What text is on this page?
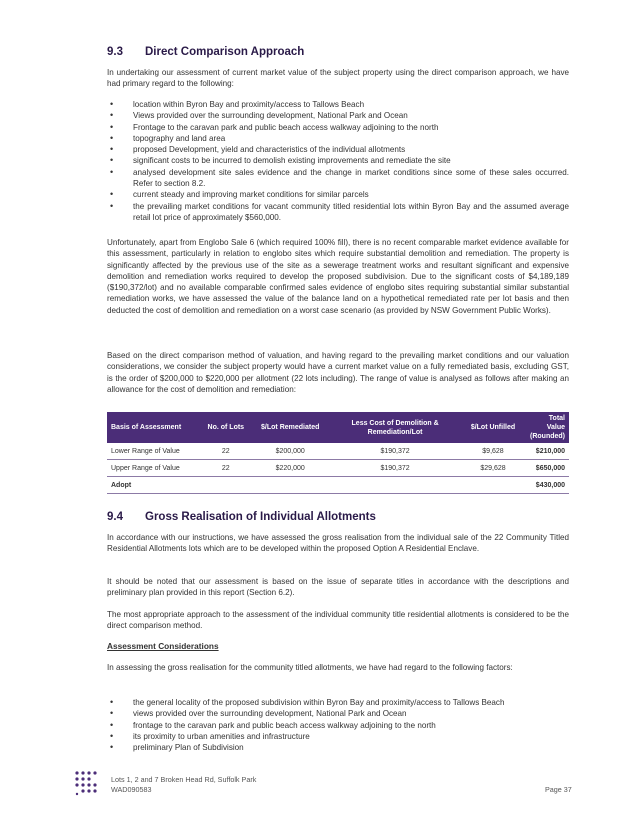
9.3 Direct Comparison Approach

In undertaking our assessment of current market value of the subject property using the direct comparison approach, we have had primary regard to the following:

• location within Byron Bay and proximity/access to Tallows Beach
• Views provided over the surrounding development, National Park and Ocean
• Frontage to the caravan park and public beach access walkway adjoining to the north
• topography and land area
• proposed Development, yield and characteristics of the individual allotments
• significant costs to be incurred to demolish existing improvements and remediate the site
• analysed development site sales evidence and the change in market conditions since some of these sales occurred. Refer to section 8.2.
• current steady and improving market conditions for similar parcels
• the prevailing market conditions for vacant community titled residential lots within Byron Bay and the assumed average retail lot price of approximately $560,000.

Unfortunately, apart from Englobo Sale 6 (which required 100% fill), there is no recent comparable market evidence available for this assessment, particularly in relation to englobo sites which require substantial demolition and remediation. The property is significantly affected by the previous use of the site as a sewerage treatment works and resultant significant and expensive demolition and remediation works required to develop the proposed subdivision. Due to the significant costs of $4,189,189 ($190,372/lot) and no available comparable confirmed sales evidence of englobo sites requiring substantial similar substantial remediation works, we have assessed the value of the balance land on a hypothetical remediated rate per lot basis and then deducted the cost of demolition and remediation on a worst case scenario (as provided by NSW Government Public Works).

Based on the direct comparison method of valuation, and having regard to the prevailing market conditions and our valuation considerations, we consider the subject property would have a current market value on a fully remediated basis, excluding GST, is the order of $200,000 to $220,000 per allotment (22 lots including). The range of value is analysed as follows after making an allowance for the cost of demolition and remediation:

Basis of Assessment	No. of Lots	$/Lot Remediated	Less Cost of Demolition & Remediation/Lot	$/Lot Unfilled	Total Value (Rounded)
Lower Range of Value	22	$200,000	$190,372	$9,628	$210,000
Upper Range of Value	22	$220,000	$190,372	$29,628	$650,000
Adopt					$430,000
9.4 Gross Realisation of Individual Allotments

In accordance with our instructions, we have assessed the gross realisation from the individual sale of the 22 Community Titled Residential Allotments lots which are to be developed within the proposed Option A Residential Enclave.

It should be noted that our assessment is based on the issue of separate titles in accordance with the descriptions and preliminary plan provided in this report (Section 6.2).

The most appropriate approach to the assessment of the individual community title residential allotments is considered to be the direct comparison method.

Assessment Considerations

In assessing the gross realisation for the community titled allotments, we have had regard to the following factors:

• the general locality of the proposed subdivision within Byron Bay and proximity/access to Tallows Beach
• views provided over the surrounding development, National Park and Ocean
• frontage to the caravan park and public beach access walkway adjoining to the north
• its proximity to urban amenities and infrastructure
• preliminary Plan of Subdivision
Lots 1, 2 and 7 Broken Head Rd, Suffolk Park
WAD090583	Page 37
